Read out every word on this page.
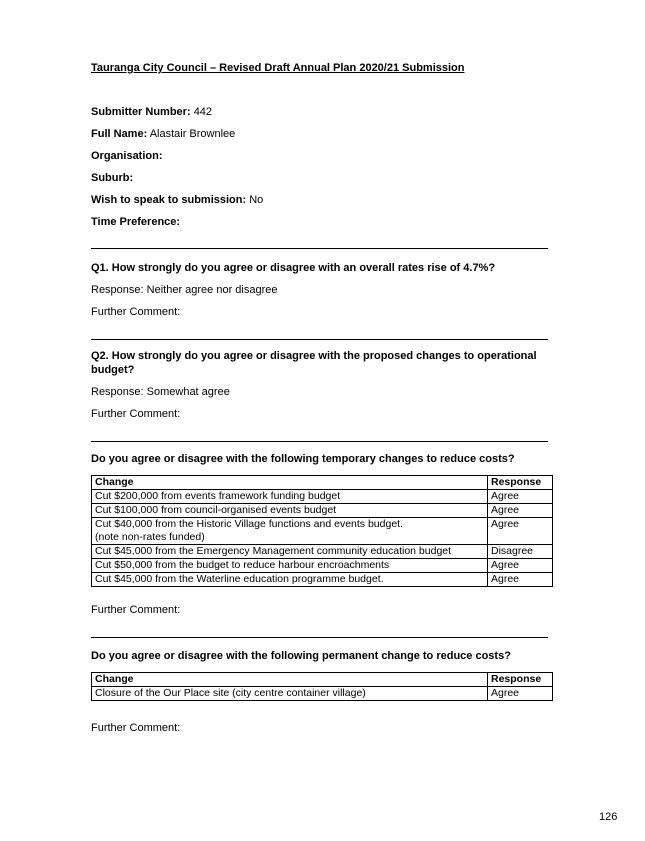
Tauranga City Council – Revised Draft Annual Plan 2020/21 Submission
Submitter Number: 442
Full Name: Alastair Brownlee
Organisation:
Suburb:
Wish to speak to submission: No
Time Preference:
Q1. How strongly do you agree or disagree with an overall rates rise of 4.7%?
Response: Neither agree nor disagree
Further Comment:
Q2. How strongly do you agree or disagree with the proposed changes to operational
budget?
Response: Somewhat agree
Further Comment:
Do you agree or disagree with the following temporary changes to reduce costs?
Change	Response
Cut $200,000 from events framework funding budget	Agree
Cut $100,000 from council-organised events budget	Agree

Cut $40,000 from the Historic Village functions and events budget.
(note non-rates funded)	Agree
Cut $45,000 from the Emergency Management community education budget	Disagree
Cut $50,000 from the budget to reduce harbour encroachments	Agree
Cut $45,000 from the Waterline education programme budget.	Agree
Further Comment:
Do you agree or disagree with the following permanent change to reduce costs?
Change	Response
Closure of the Our Place site (city centre container village)	Agree
Further Comment:
126
